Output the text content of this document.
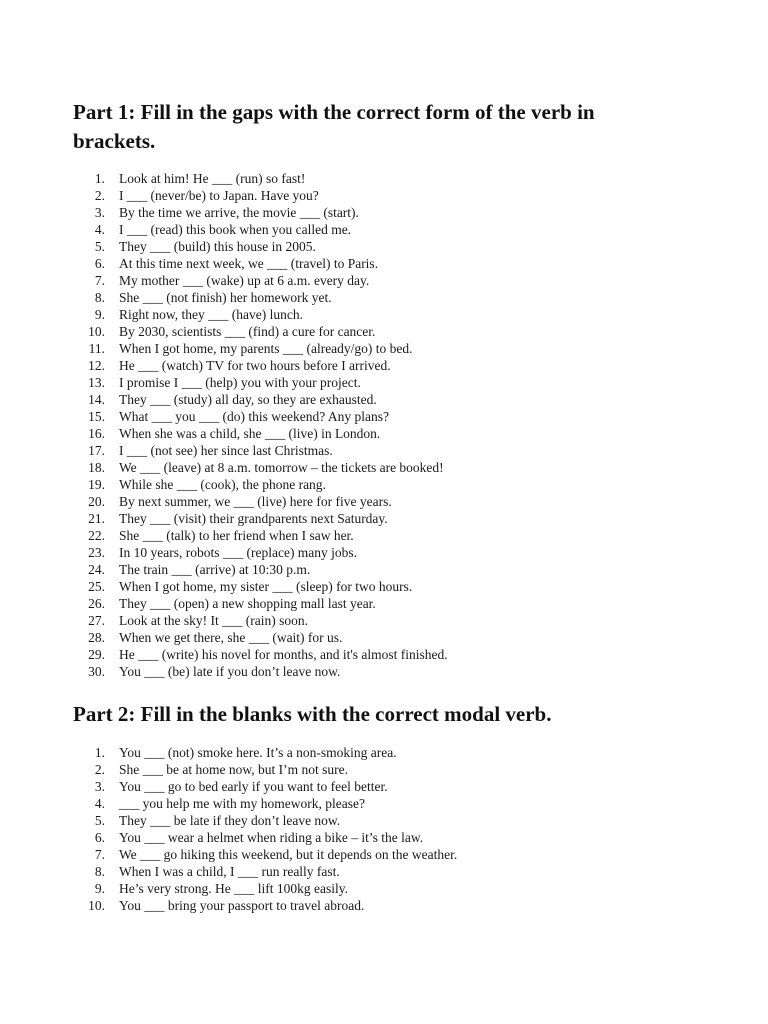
Part 1: Fill in the gaps with the correct form of the verb in brackets.
1. Look at him! He ___ (run) so fast!
2. I ___ (never/be) to Japan. Have you?
3. By the time we arrive, the movie ___ (start).
4. I ___ (read) this book when you called me.
5. They ___ (build) this house in 2005.
6. At this time next week, we ___ (travel) to Paris.
7. My mother ___ (wake) up at 6 a.m. every day.
8. She ___ (not finish) her homework yet.
9. Right now, they ___ (have) lunch.
10. By 2030, scientists ___ (find) a cure for cancer.
11. When I got home, my parents ___ (already/go) to bed.
12. He ___ (watch) TV for two hours before I arrived.
13. I promise I ___ (help) you with your project.
14. They ___ (study) all day, so they are exhausted.
15. What ___ you ___ (do) this weekend? Any plans?
16. When she was a child, she ___ (live) in London.
17. I ___ (not see) her since last Christmas.
18. We ___ (leave) at 8 a.m. tomorrow – the tickets are booked!
19. While she ___ (cook), the phone rang.
20. By next summer, we ___ (live) here for five years.
21. They ___ (visit) their grandparents next Saturday.
22. She ___ (talk) to her friend when I saw her.
23. In 10 years, robots ___ (replace) many jobs.
24. The train ___ (arrive) at 10:30 p.m.
25. When I got home, my sister ___ (sleep) for two hours.
26. They ___ (open) a new shopping mall last year.
27. Look at the sky! It ___ (rain) soon.
28. When we get there, she ___ (wait) for us.
29. He ___ (write) his novel for months, and it's almost finished.
30. You ___ (be) late if you don’t leave now.
Part 2: Fill in the blanks with the correct modal verb.
1. You ___ (not) smoke here. It’s a non-smoking area.
2. She ___ be at home now, but I’m not sure.
3. You ___ go to bed early if you want to feel better.
4. ___ you help me with my homework, please?
5. They ___ be late if they don’t leave now.
6. You ___ wear a helmet when riding a bike – it’s the law.
7. We ___ go hiking this weekend, but it depends on the weather.
8. When I was a child, I ___ run really fast.
9. He’s very strong. He ___ lift 100kg easily.
10. You ___ bring your passport to travel abroad.
